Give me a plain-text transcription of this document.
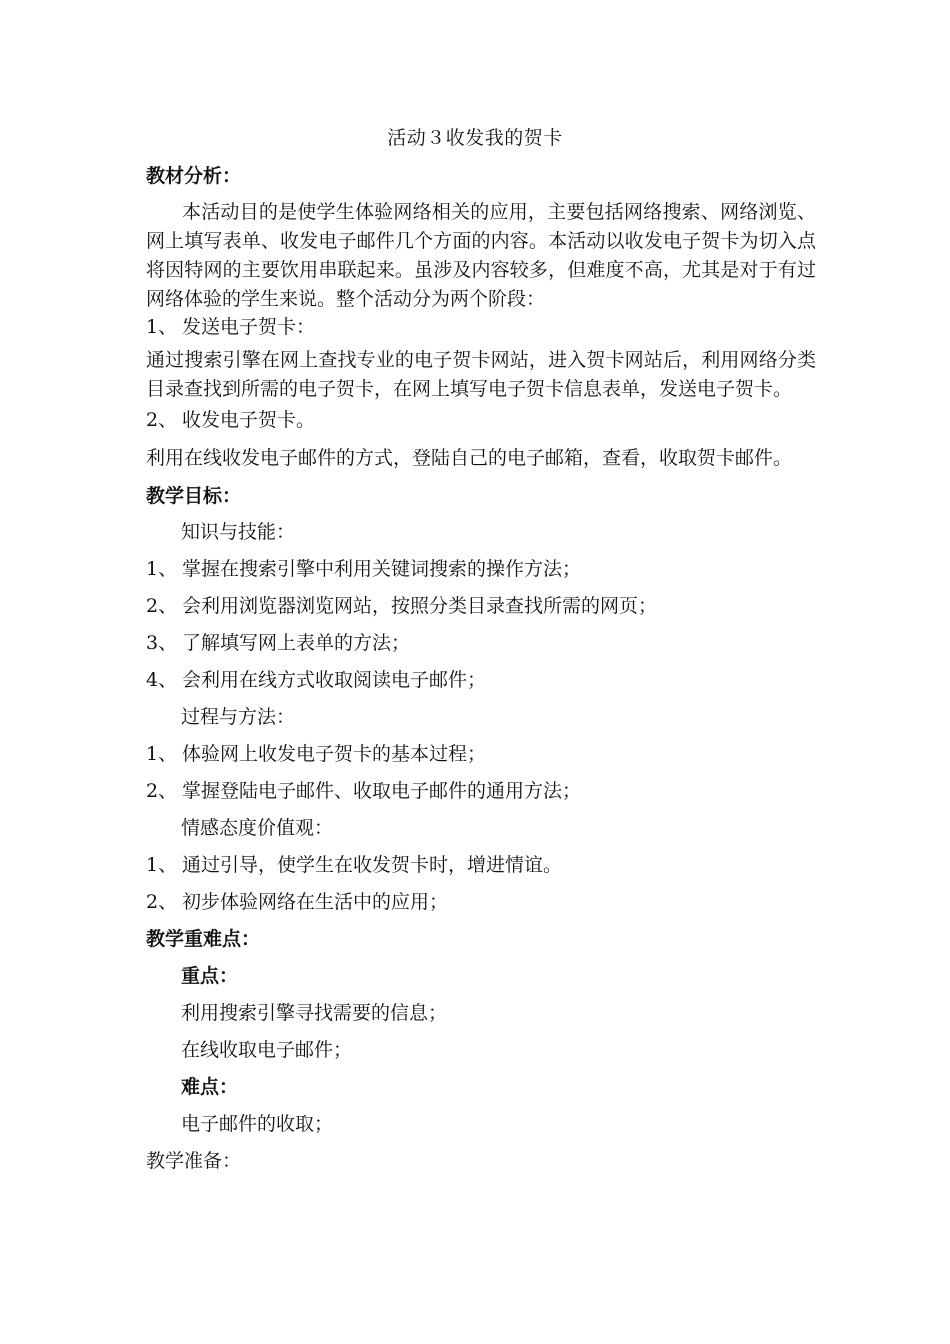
活动３收发我的贺卡
教材分析：
本活动目的是使学生体验网络相关的应用，主要包括网络搜索、网络浏览、网上填写表单、收发电子邮件几个方面的内容。本活动以收发电子贺卡为切入点将因特网的主要饮用串联起来。虽涉及内容较多，但难度不高，尤其是对于有过网络体验的学生来说。整个活动分为两个阶段：
1、 发送电子贺卡：
通过搜索引擎在网上查找专业的电子贺卡网站，进入贺卡网站后，利用网络分类目录查找到所需的电子贺卡，在网上填写电子贺卡信息表单，发送电子贺卡。
2、 收发电子贺卡。
利用在线收发电子邮件的方式，登陆自己的电子邮箱，查看，收取贺卡邮件。
教学目标：
知识与技能：
1、 掌握在搜索引擎中利用关键词搜索的操作方法；
2、 会利用浏览器浏览网站，按照分类目录查找所需的网页；
3、 了解填写网上表单的方法；
4、 会利用在线方式收取阅读电子邮件；
过程与方法：
1、 体验网上收发电子贺卡的基本过程；
2、 掌握登陆电子邮件、收取电子邮件的通用方法；
情感态度价值观：
1、 通过引导，使学生在收发贺卡时，增进情谊。
2、 初步体验网络在生活中的应用；
教学重难点：
重点：
利用搜索引擎寻找需要的信息；
在线收取电子邮件；
难点：
电子邮件的收取；
教学准备：
